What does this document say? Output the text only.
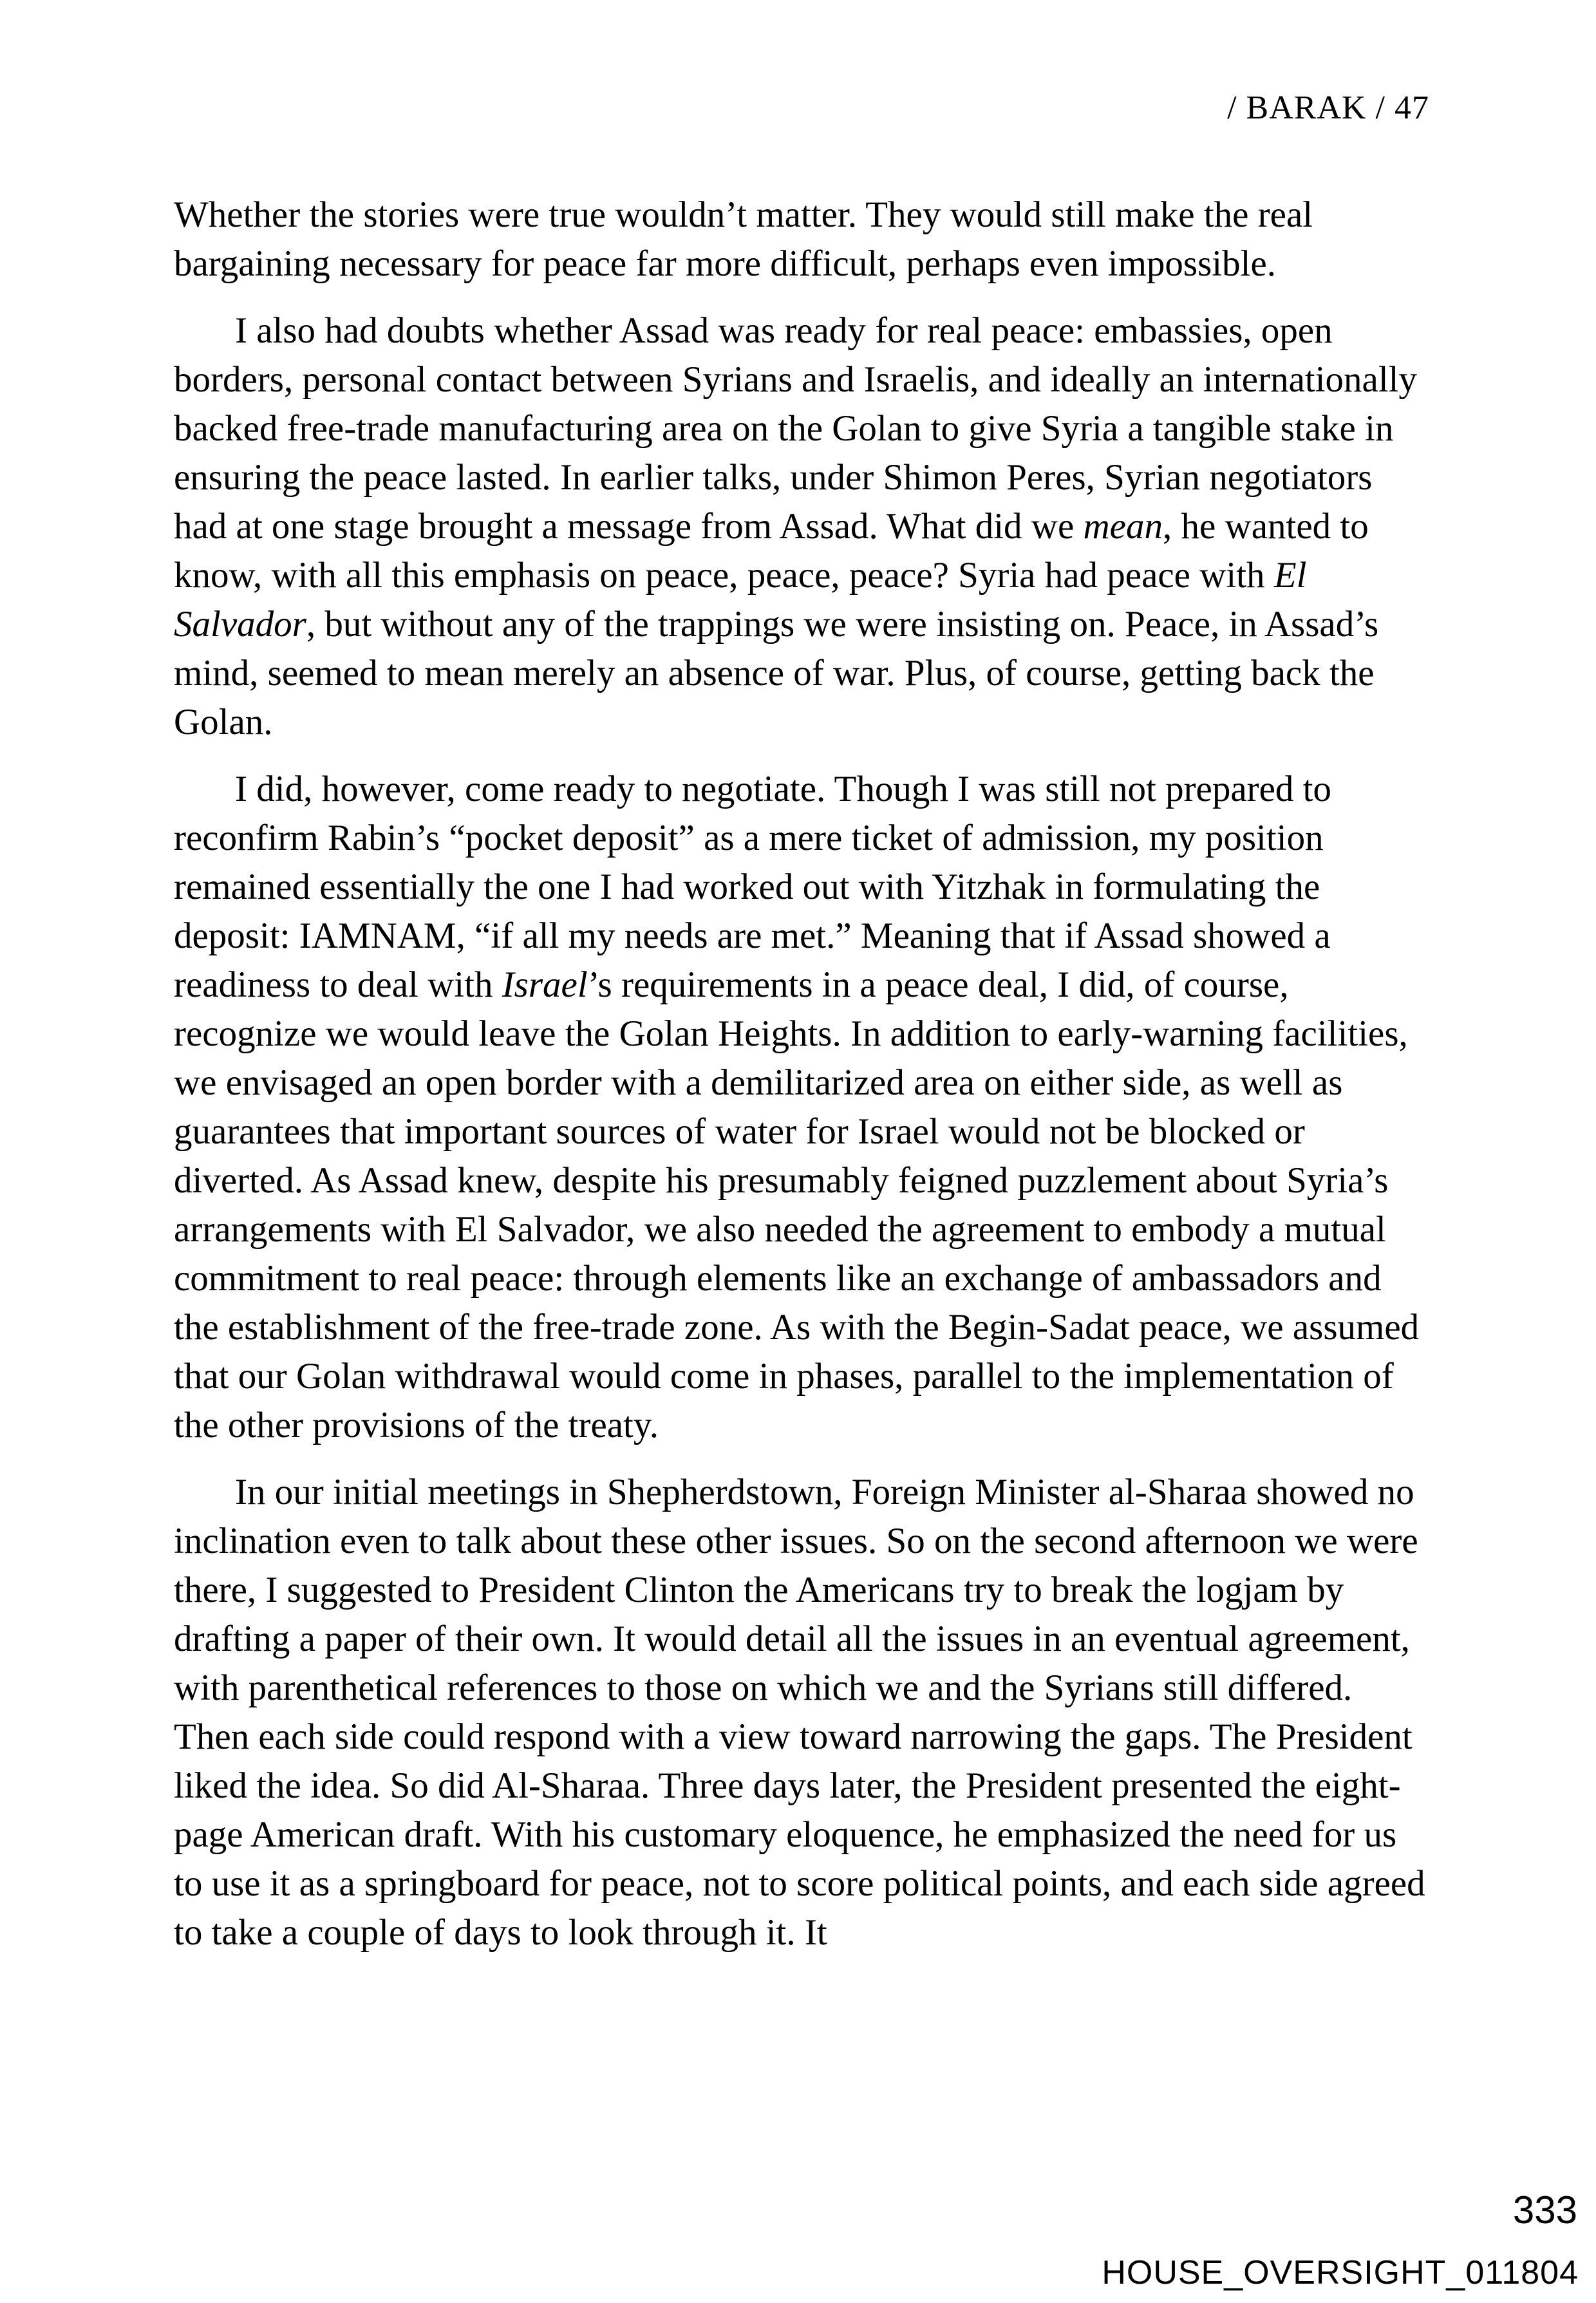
/ BARAK / 47

Whether the stories were true wouldn’t matter. They would still make the real bargaining necessary for peace far more difficult, perhaps even impossible.

I also had doubts whether Assad was ready for real peace: embassies, open borders, personal contact between Syrians and Israelis, and ideally an internationally backed free-trade manufacturing area on the Golan to give Syria a tangible stake in ensuring the peace lasted. In earlier talks, under Shimon Peres, Syrian negotiators had at one stage brought a message from Assad. What did we mean, he wanted to know, with all this emphasis on peace, peace, peace? Syria had peace with El Salvador, but without any of the trappings we were insisting on. Peace, in Assad’s mind, seemed to mean merely an absence of war. Plus, of course, getting back the Golan.

I did, however, come ready to negotiate. Though I was still not prepared to reconfirm Rabin’s “pocket deposit” as a mere ticket of admission, my position remained essentially the one I had worked out with Yitzhak in formulating the deposit: IAMNAM, “if all my needs are met.” Meaning that if Assad showed a readiness to deal with Israel’s requirements in a peace deal, I did, of course, recognize we would leave the Golan Heights. In addition to early-warning facilities, we envisaged an open border with a demilitarized area on either side, as well as guarantees that important sources of water for Israel would not be blocked or diverted. As Assad knew, despite his presumably feigned puzzlement about Syria’s arrangements with El Salvador, we also needed the agreement to embody a mutual commitment to real peace: through elements like an exchange of ambassadors and the establishment of the free-trade zone. As with the Begin-Sadat peace, we assumed that our Golan withdrawal would come in phases, parallel to the implementation of the other provisions of the treaty.

In our initial meetings in Shepherdstown, Foreign Minister al-Sharaa showed no inclination even to talk about these other issues. So on the second afternoon we were there, I suggested to President Clinton the Americans try to break the logjam by drafting a paper of their own. It would detail all the issues in an eventual agreement, with parenthetical references to those on which we and the Syrians still differed. Then each side could respond with a view toward narrowing the gaps. The President liked the idea. So did Al-Sharaa. Three days later, the President presented the eight-page American draft. With his customary eloquence, he emphasized the need for us to use it as a springboard for peace, not to score political points, and each side agreed to take a couple of days to look through it. It

333
HOUSE_OVERSIGHT_011804
